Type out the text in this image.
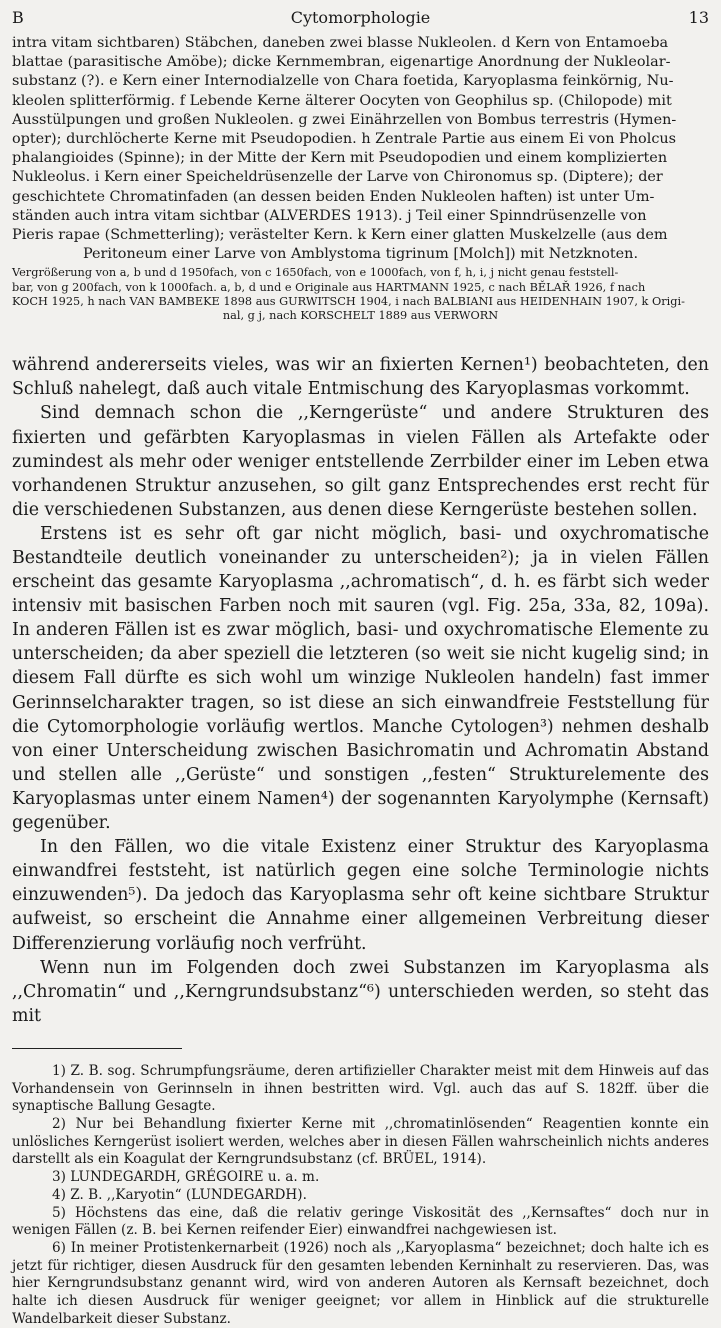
B	Cytomorphologie	13

intra vitam sichtbaren) Stäbchen, daneben zwei blasse Nukleolen. d Kern von Entamoeba

blattae (parasitische Amöbe); dicke Kernmembran, eigenartige Anordnung der Nukleolar-

substanz (?). e Kern einer Internodialzelle von Chara foetida, Karyoplasma feinkörnig, Nu-

kleolen splitterförmig. f Lebende Kerne älterer Oocyten von Geophilus sp. (Chilopode) mit

Ausstülpungen und großen Nukleolen. g zwei Einährzellen von Bombus terrestris (Hymen-

opter); durchlöcherte Kerne mit Pseudopodien. h Zentrale Partie aus einem Ei von Pholcus

phalangioides (Spinne); in der Mitte der Kern mit Pseudopodien und einem komplizierten

Nukleolus. i Kern einer Speicheldrüsenzelle der Larve von Chironomus sp. (Diptere); der

geschichtete Chromatinfaden (an dessen beiden Enden Nukleolen haften) ist unter Um-

ständen auch intra vitam sichtbar (ALVERDES 1913). j Teil einer Spinndrüsenzelle von

Pieris rapae (Schmetterling); verästelter Kern. k Kern einer glatten Muskelzelle (aus dem

Peritoneum einer Larve von Amblystoma tigrinum [Molch]) mit Netzknoten.

Vergrößerung von a, b und d 1950fach, von c 1650fach, von e 1000fach, von f, h, i, j nicht genau feststell-

bar, von g 200fach, von k 1000fach. a, b, d und e Originale aus HARTMANN 1925, c nach BĚLAŘ 1926, f nach

KOCH 1925, h nach VAN BAMBEKE 1898 aus GURWITSCH 1904, i nach BALBIANI aus HEIDENHAIN 1907, k Origi-

nal, g j, nach KORSCHELT 1889 aus VERWORN

während andererseits vieles, was wir an fixierten Kernen¹) beobachteten, den Schluß nahelegt, daß auch vitale Entmischung des Karyoplasmas vorkommt.

Sind demnach schon die ,,Kerngerüste“ und andere Strukturen des fixierten und gefärbten Karyoplasmas in vielen Fällen als Artefakte oder zumindest als mehr oder weniger entstellende Zerrbilder einer im Leben etwa vorhandenen Struktur anzusehen, so gilt ganz Entsprechendes erst recht für die verschiedenen Substanzen, aus denen diese Kerngerüste bestehen sollen.

Erstens ist es sehr oft gar nicht möglich, basi- und oxychromatische Bestandteile deutlich voneinander zu unterscheiden²); ja in vielen Fällen erscheint das gesamte Karyoplasma ,,achromatisch“, d. h. es färbt sich weder intensiv mit basischen Farben noch mit sauren (vgl. Fig. 25a, 33a, 82, 109a). In anderen Fällen ist es zwar möglich, basi- und oxychromatische Elemente zu unterscheiden; da aber speziell die letzteren (so weit sie nicht kugelig sind; in diesem Fall dürfte es sich wohl um winzige Nukleolen handeln) fast immer Gerinnselcharakter tragen, so ist diese an sich einwandfreie Feststellung für die Cytomorphologie vorläufig wertlos. Manche Cytologen³) nehmen deshalb von einer Unterscheidung zwischen Basichromatin und Achromatin Abstand und stellen alle ,,Gerüste“ und sonstigen ,,festen“ Strukturelemente des Karyoplasmas unter einem Namen⁴) der sogenannten Karyolymphe (Kernsaft) gegenüber.

In den Fällen, wo die vitale Existenz einer Struktur des Karyoplasma einwandfrei feststeht, ist natürlich gegen eine solche Terminologie nichts einzuwenden⁵). Da jedoch das Karyoplasma sehr oft keine sichtbare Struktur aufweist, so erscheint die Annahme einer allgemeinen Verbreitung dieser Differenzierung vorläufig noch verfrüht.

Wenn nun im Folgenden doch zwei Substanzen im Karyoplasma als ,,Chromatin“ und ,,Kerngrundsubstanz“⁶) unterschieden werden, so steht das mit

1) Z. B. sog. Schrumpfungsräume, deren artifizieller Charakter meist mit dem Hinweis auf das Vorhandensein von Gerinnseln in ihnen bestritten wird. Vgl. auch das auf S. 182ff. über die synaptische Ballung Gesagte.

2) Nur bei Behandlung fixierter Kerne mit ,,chromatinlösenden“ Reagentien konnte ein unlösliches Kerngerüst isoliert werden, welches aber in diesen Fällen wahrscheinlich nichts anderes darstellt als ein Koagulat der Kerngrundsubstanz (cf. BRÜEL, 1914).

3) LUNDEGARDH, GRÉGOIRE u. a. m.

4) Z. B. ,,Karyotin“ (LUNDEGARDH).

5) Höchstens das eine, daß die relativ geringe Viskosität des ,,Kernsaftes“ doch nur in wenigen Fällen (z. B. bei Kernen reifender Eier) einwandfrei nachgewiesen ist.

6) In meiner Protistenkernarbeit (1926) noch als ,,Karyoplasma“ bezeichnet; doch halte ich es jetzt für richtiger, diesen Ausdruck für den gesamten lebenden Kerninhalt zu reservieren. Das, was hier Kerngrundsubstanz genannt wird, wird von anderen Autoren als Kernsaft bezeichnet, doch halte ich diesen Ausdruck für weniger geeignet; vor allem in Hinblick auf die strukturelle Wandelbarkeit dieser Substanz.
